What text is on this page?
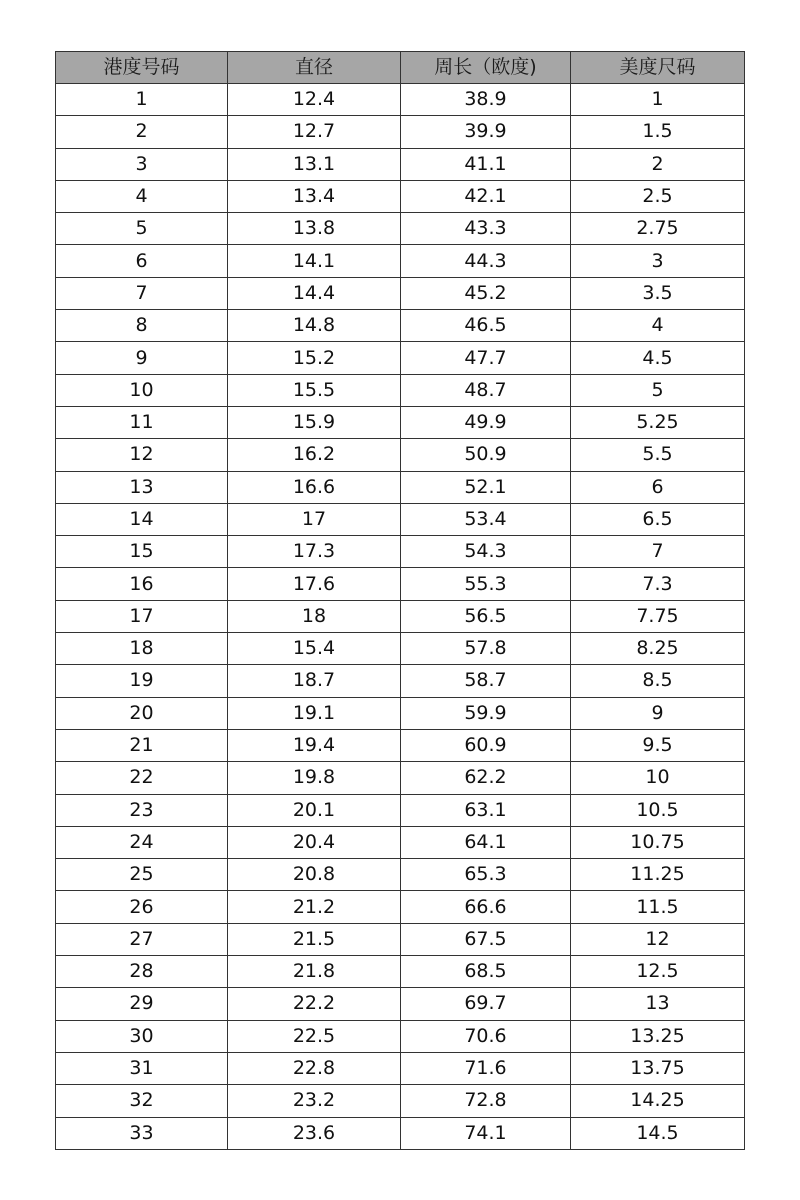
港度号码	直径	周长（欧度)	美度尺码
1	12.4	38.9	1
2	12.7	39.9	1.5
3	13.1	41.1	2
4	13.4	42.1	2.5
5	13.8	43.3	2.75
6	14.1	44.3	3
7	14.4	45.2	3.5
8	14.8	46.5	4
9	15.2	47.7	4.5
10	15.5	48.7	5
11	15.9	49.9	5.25
12	16.2	50.9	5.5
13	16.6	52.1	6
14	17	53.4	6.5
15	17.3	54.3	7
16	17.6	55.3	7.3
17	18	56.5	7.75
18	15.4	57.8	8.25
19	18.7	58.7	8.5
20	19.1	59.9	9
21	19.4	60.9	9.5
22	19.8	62.2	10
23	20.1	63.1	10.5
24	20.4	64.1	10.75
25	20.8	65.3	11.25
26	21.2	66.6	11.5
27	21.5	67.5	12
28	21.8	68.5	12.5
29	22.2	69.7	13
30	22.5	70.6	13.25
31	22.8	71.6	13.75
32	23.2	72.8	14.25
33	23.6	74.1	14.5
